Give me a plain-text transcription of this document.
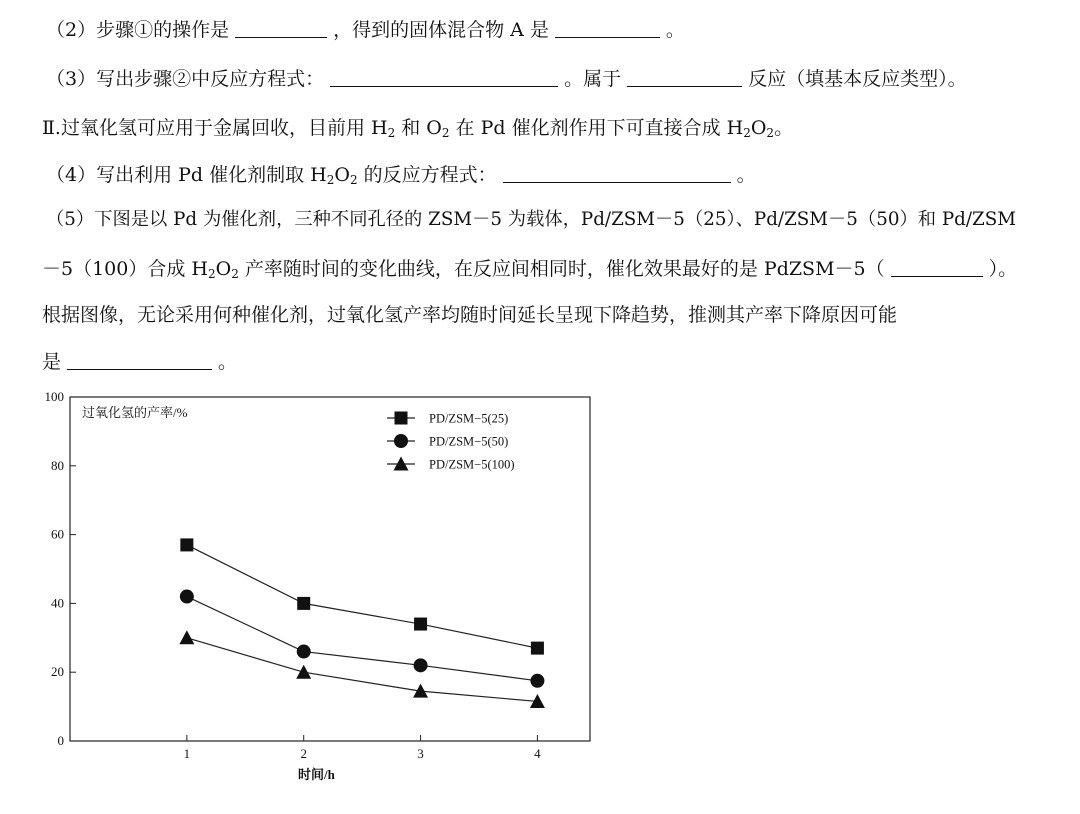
（2）步骤①的操作是	，得到的固体混合物 A 是	。
（3）写出步骤②中反应方程式：	。属于	反应（填基本反应类型）。
Ⅱ.过氧化氢可应用于金属回收，目前用 $H_2$ 和 $O_2$ 在 Pd 催化剂作用下可直接合成 $H_2O_2$。
（4）写出利用 Pd 催化剂制取 $H_2O_2$ 的反应方程式：	。
（5）下图是以 Pd 为催化剂，三种不同孔径的 ZSM－5 为载体，Pd/ZSM－5（25）、Pd/ZSM－5（50）和 Pd/ZSM
－5（100）合成 $H_2O_2$ 产率随时间的变化曲线，在反应间相同时，催化效果最好的是 PdZSM－5（	）。
根据图像，无论采用何种催化剂，过氧化氢产率均随时间延长呈现下降趋势，推测其产率下降原因可能
是	。
0
20
40
60
80
100
1	2	3	4
过氧化氢的产率/%	PD/ZSM−5(25)
PD/ZSM−5(50)
PD/ZSM−5(100)
时间/h
